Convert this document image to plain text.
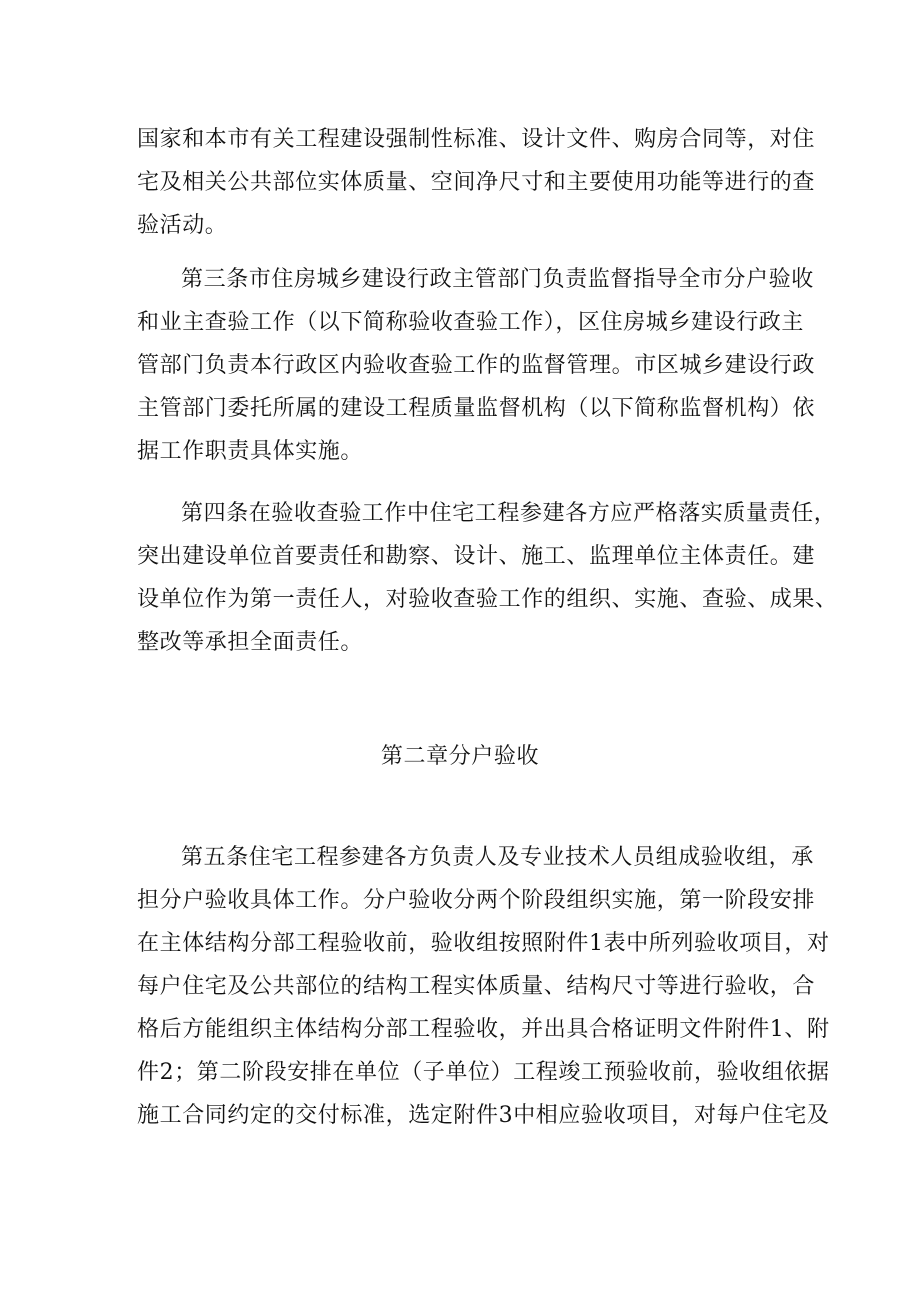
国家和本市有关工程建设强制性标准、设计文件、购房合同等，对住
宅及相关公共部位实体质量、空间净尺寸和主要使用功能等进行的查
验活动。
第三条市住房城乡建设行政主管部门负责监督指导全市分户验收
和业主查验工作（以下简称验收查验工作），区住房城乡建设行政主
管部门负责本行政区内验收查验工作的监督管理。市区城乡建设行政
主管部门委托所属的建设工程质量监督机构（以下简称监督机构）依
据工作职责具体实施。
第四条在验收查验工作中住宅工程参建各方应严格落实质量责任，
突出建设单位首要责任和勘察、设计、施工、监理单位主体责任。建
设单位作为第一责任人，对验收查验工作的组织、实施、查验、成果、
整改等承担全面责任。
第二章分户验收
第五条住宅工程参建各方负责人及专业技术人员组成验收组，承
担分户验收具体工作。分户验收分两个阶段组织实施，第一阶段安排
在主体结构分部工程验收前，验收组按照附件1表中所列验收项目，对
每户住宅及公共部位的结构工程实体质量、结构尺寸等进行验收，合
格后方能组织主体结构分部工程验收，并出具合格证明文件附件1、附
件2；第二阶段安排在单位（子单位）工程竣工预验收前，验收组依据
施工合同约定的交付标准，选定附件3中相应验收项目，对每户住宅及
